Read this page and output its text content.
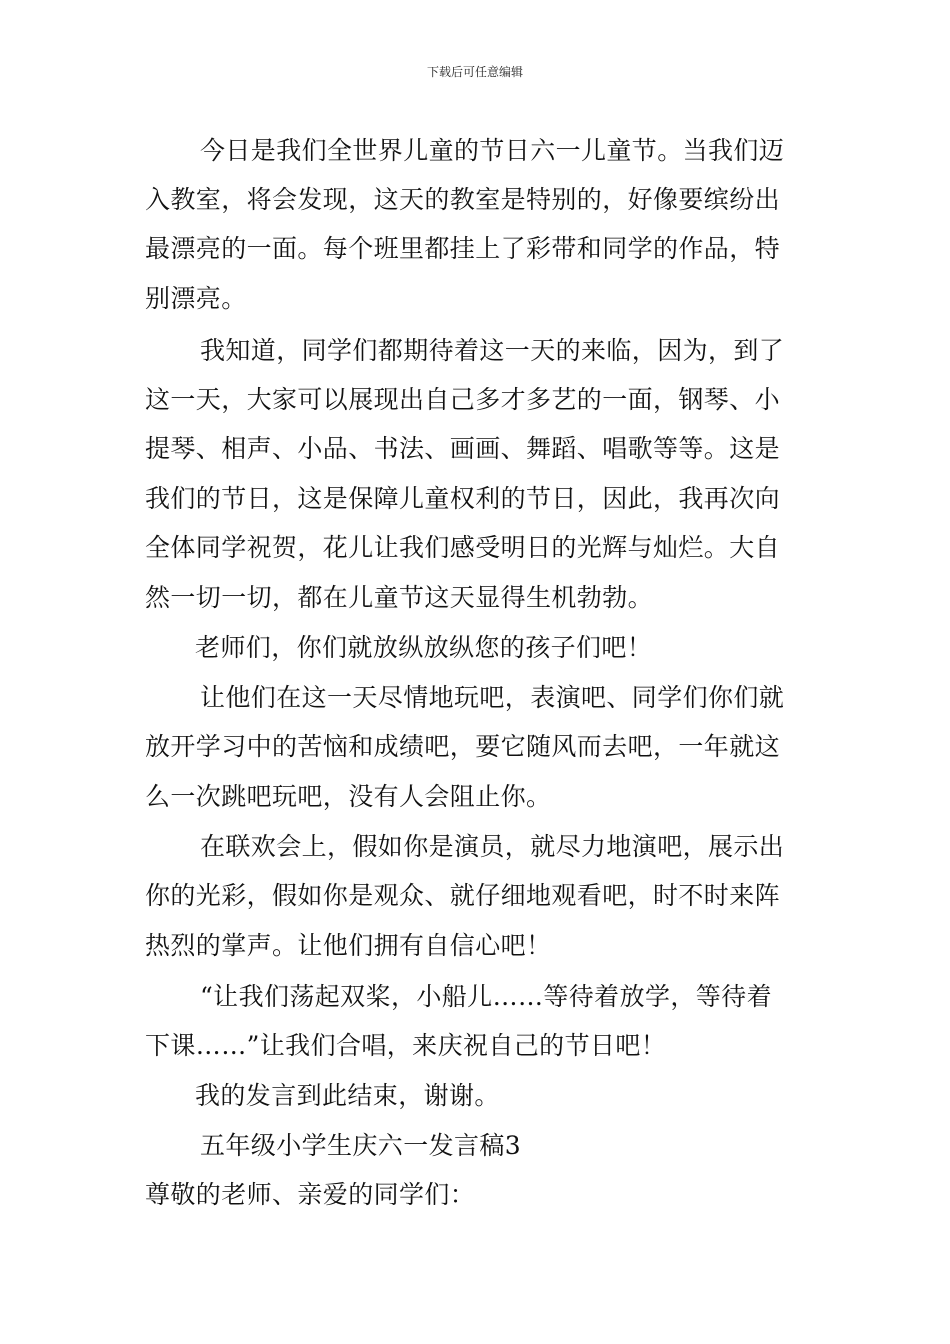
下载后可任意编辑
今日是我们全世界儿童的节日六一儿童节。当我们迈
入教室，将会发现，这天的教室是特别的，好像要缤纷出
最漂亮的一面。每个班里都挂上了彩带和同学的作品，特
别漂亮。
我知道，同学们都期待着这一天的来临，因为，到了
这一天，大家可以展现出自己多才多艺的一面，钢琴、小
提琴、相声、小品、书法、画画、舞蹈、唱歌等等。这是
我们的节日，这是保障儿童权利的节日，因此，我再次向
全体同学祝贺，花儿让我们感受明日的光辉与灿烂。大自
然一切一切，都在儿童节这天显得生机勃勃。
老师们，你们就放纵放纵您的孩子们吧！
让他们在这一天尽情地玩吧，表演吧、同学们你们就
放开学习中的苦恼和成绩吧，要它随风而去吧，一年就这
么一次跳吧玩吧，没有人会阻止你。
在联欢会上，假如你是演员，就尽力地演吧，展示出
你的光彩，假如你是观众、就仔细地观看吧，时不时来阵
热烈的掌声。让他们拥有自信心吧！
“让我们荡起双桨，小船儿……等待着放学，等待着
下课……”让我们合唱，来庆祝自己的节日吧！
我的发言到此结束，谢谢。
五年级小学生庆六一发言稿3
尊敬的老师、亲爱的同学们：
